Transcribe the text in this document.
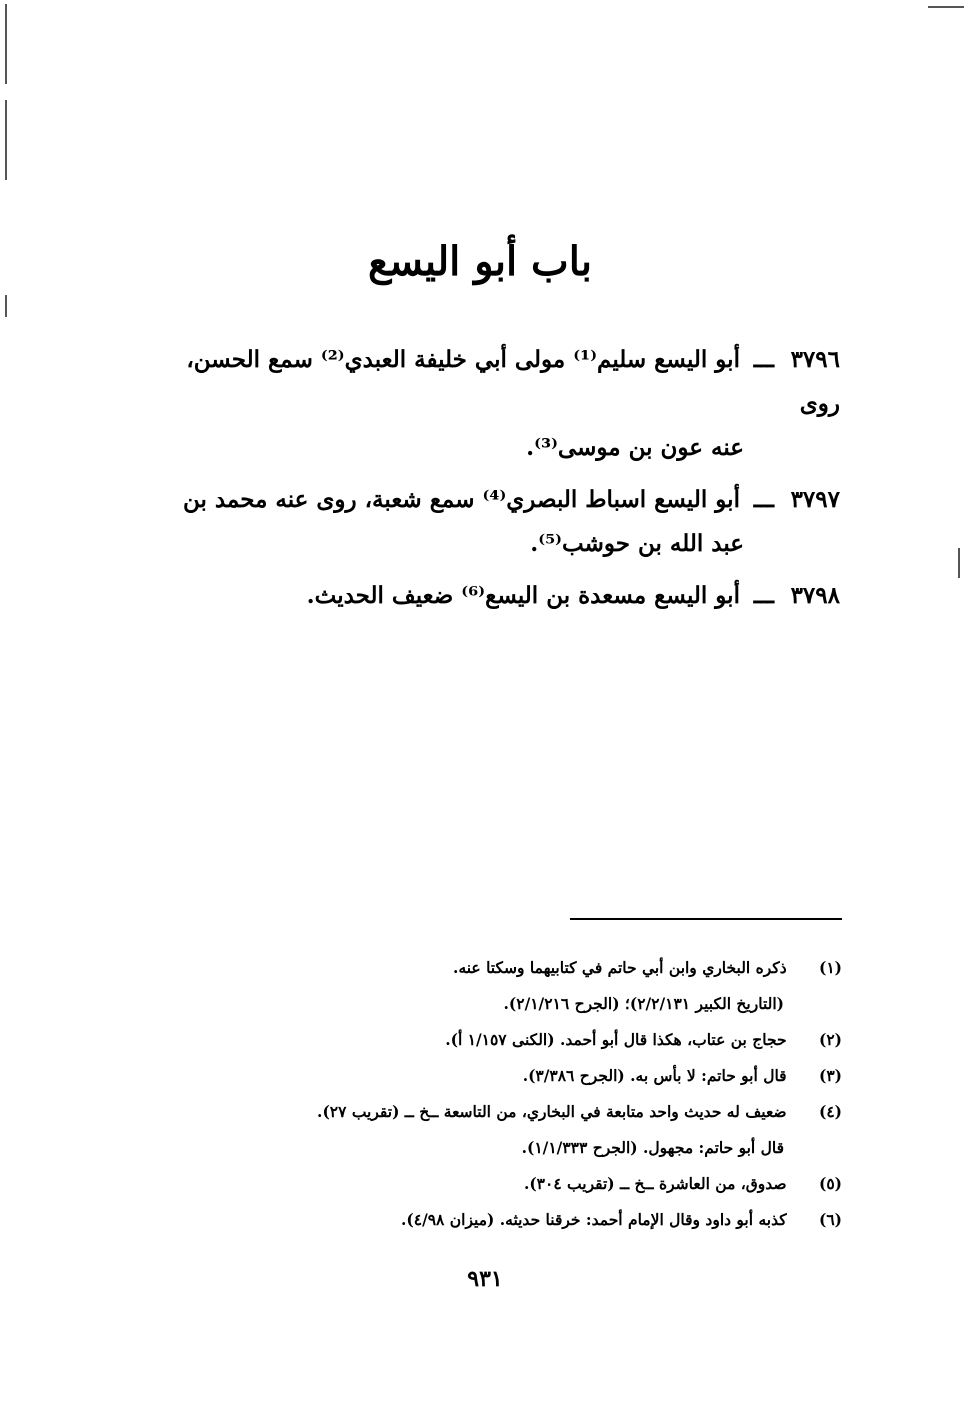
باب أبو اليسع
٣٧٩٦ ـــ أبو اليسع سليم⁽¹⁾ مولى أبي خليفة العبدي⁽²⁾ سمع الحسن، روى
عنه عون بن موسى⁽³⁾.
٣٧٩٧ ـــ أبو اليسع اسباط البصري⁽⁴⁾ سمع شعبة، روى عنه محمد بن
عبد الله بن حوشب⁽⁵⁾.
٣٧٩٨ ـــ أبو اليسع مسعدة بن اليسع⁽⁶⁾ ضعيف الحديث.
(١) ذكره البخاري وابن أبي حاتم في كتابيهما وسكتا عنه.
(التاريخ الكبير ٢/٢/١٣١)؛ (الجرح ٢/١/٢١٦).
(٢) حجاج بن عتاب، هكذا قال أبو أحمد. (الكنى ١/١٥٧ أ).
(٣) قال أبو حاتم: لا بأس به. (الجرح ٣/٣٨٦).
(٤) ضعيف له حديث واحد متابعة في البخاري، من التاسعة ــخ ــ (تقريب ٢٧).
قال أبو حاتم: مجهول. (الجرح ١/١/٣٣٣).
(٥) صدوق، من العاشرة ــخ ــ (تقريب ٣٠٤).
(٦) كذبه أبو داود وقال الإمام أحمد: خرقنا حديثه. (ميزان ٤/٩٨).
٩٣١
